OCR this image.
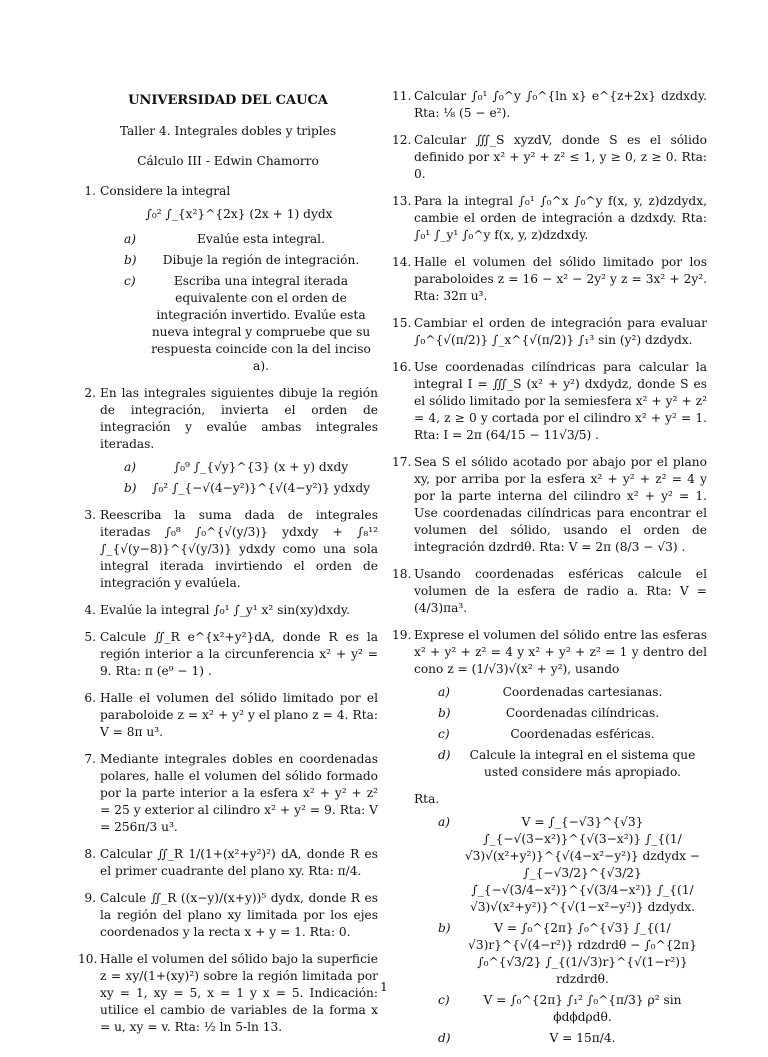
UNIVERSIDAD DEL CAUCA
Taller 4. Integrales dobles y triples
Cálculo III - Edwin Chamorro
1. Considere la integral
∫₀² ∫_{x²}^{2x} (2x + 1) dydx
a)	Evalúe esta integral.
b) Dibuje la región de integración.
c)	Escriba una integral iterada equivalente con el orden de integración invertido. Evalúe esta nueva integral y compruebe que su respuesta coincide con la del inciso a).
2. En las integrales siguientes dibuje la región de integración, invierta el orden de integración y evalúe ambas integrales iteradas.
a)	∫₀⁹ ∫_{√y}^{3} (x + y) dxdy
b) ∫₀² ∫_{−√(4−y²)}^{√(4−y²)} ydxdy
3. Reescriba la suma dada de integrales iteradas ∫₀⁸ ∫₀^{√(y/3)} ydxdy + ∫₈¹² ∫_{√(y−8)}^{√(y/3)} ydxdy como una sola integral iterada invirtiendo el orden de integración y evalúela.
4. Evalúe la integral ∫₀¹ ∫_y¹ x² sin(xy)dxdy.
5. Calcule ∬_R e^{x²+y²}dA, donde R es la región interior a la circunferencia x² + y² = 9. Rta: π (e⁹ − 1) .
6. Halle el volumen del sólido limitado por el paraboloide z = x² + y² y el plano z = 4. Rta: V = 8π u³.
7. Mediante integrales dobles en coordenadas polares, halle el volumen del sólido formado por la parte interior a la esfera x² + y² + z² = 25 y exterior al cilindro x² + y² = 9. Rta: V = 256π/3 u³.
8. Calcular ∬_R 1/(1+(x²+y²)²) dA, donde R es el primer cuadrante del plano xy. Rta: π/4.
9. Calcule ∬_R ((x−y)/(x+y))⁵ dydx, donde R es la región del plano xy limitada por los ejes coordenados y la recta x + y = 1. Rta: 0.
10. Halle el volumen del sólido bajo la superficie z = xy/(1+(xy)²) sobre la región limitada por xy = 1, xy = 5, x = 1 y x = 5. Indicación: utilice el cambio de variables de la forma x = u, xy = v. Rta: ½ ln 5-ln 13.
11. Calcular ∫₀¹ ∫₀^y ∫₀^{ln x} e^{z+2x} dzdxdy. Rta: ⅛ (5 − e²).
12. Calcular ∭_S xyzdV, donde S es el sólido definido por x² + y² + z² ≤ 1, y ≥ 0, z ≥ 0. Rta: 0.
13. Para la integral ∫₀¹ ∫₀^x ∫₀^y f(x, y, z)dzdydx, cambie el orden de integración a dzdxdy. Rta: ∫₀¹ ∫_y¹ ∫₀^y f(x, y, z)dzdxdy.
14. Halle el volumen del sólido limitado por los paraboloides z = 16 − x² − 2y² y z = 3x² + 2y². Rta: 32π u³.
15. Cambiar el orden de integración para evaluar ∫₀^{√(π/2)} ∫_x^{√(π/2)} ∫₁³ sin (y²) dzdydx.
16. Use coordenadas cilíndricas para calcular la integral I = ∭_S (x² + y²) dxdydz, donde S es el sólido limitado por la semiesfera x² + y² + z² = 4, z ≥ 0 y cortada por el cilindro x² + y² = 1. Rta: I = 2π (64/15 − 11√3/5) .
17. Sea S el sólido acotado por abajo por el plano xy, por arriba por la esfera x² + y² + z² = 4 y por la parte interna del cilindro x² + y² = 1. Use coordenadas cilíndricas para encontrar el volumen del sólido, usando el orden de integración dzdrdθ. Rta: V = 2π (8/3 − √3) .
18. Usando coordenadas esféricas calcule el volumen de la esfera de radio a. Rta: V = (4/3)πa³.
19. Exprese el volumen del sólido entre las esferas x² + y² + z² = 4 y x² + y² + z² = 1 y dentro del cono z = (1/√3)√(x² + y²), usando
a)	Coordenadas cartesianas.
b)	Coordenadas cilíndricas.
c)	Coordenadas esféricas.
d) Calcule la integral en el sistema que usted considere más apropiado.
Rta.
a)	V = ∫_{−√3}^{√3} ∫_{−√(3−x²)}^{√(3−x²)} ∫_{(1/√3)√(x²+y²)}^{√(4−x²−y²)} dzdydx − ∫_{−√3/2}^{√3/2} ∫_{−√(3/4−x²)}^{√(3/4−x²)} ∫_{(1/√3)√(x²+y²)}^{√(1−x²−y²)} dzdydx.
b)	V = ∫₀^{2π} ∫₀^{√3} ∫_{(1/√3)r}^{√(4−r²)} rdzdrdθ − ∫₀^{2π} ∫₀^{√3/2} ∫_{(1/√3)r}^{√(1−r²)} rdzdrdθ.
c)	V = ∫₀^{2π} ∫₁² ∫₀^{π/3} ρ² sin ϕdϕdρdθ.
d)	V = 15π/4.
1
